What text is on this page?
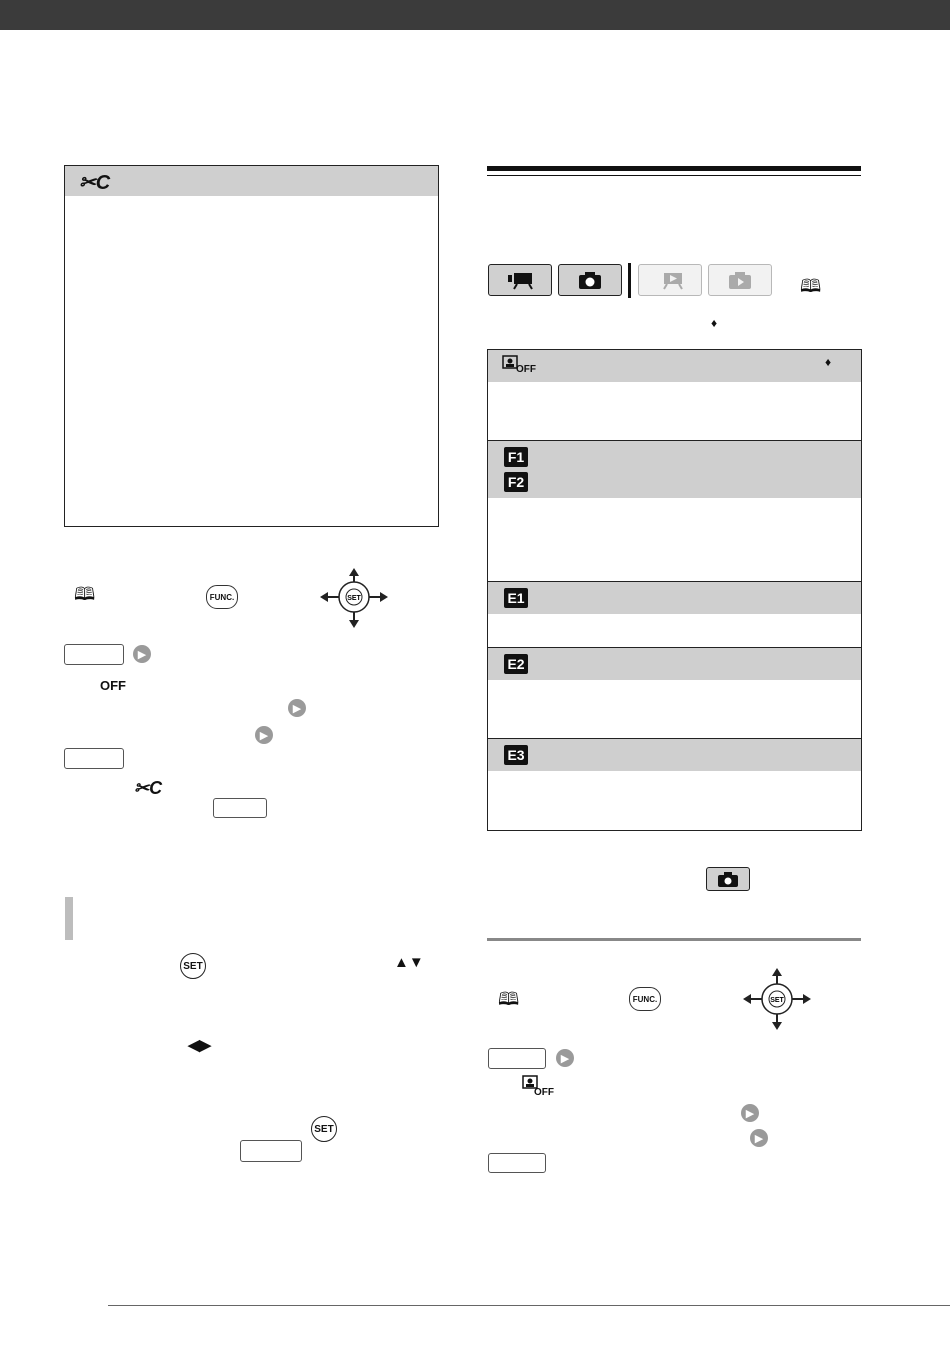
✂C
🕮	FUNC.	SET
▶
OFF
▶
▶
✂C
SET	▲▼
◀▶
SET
🕮
♦
OFF
♦
F1
F2
E1
E2
E3
🕮	FUNC.	SET
▶
OFF
▶
▶
